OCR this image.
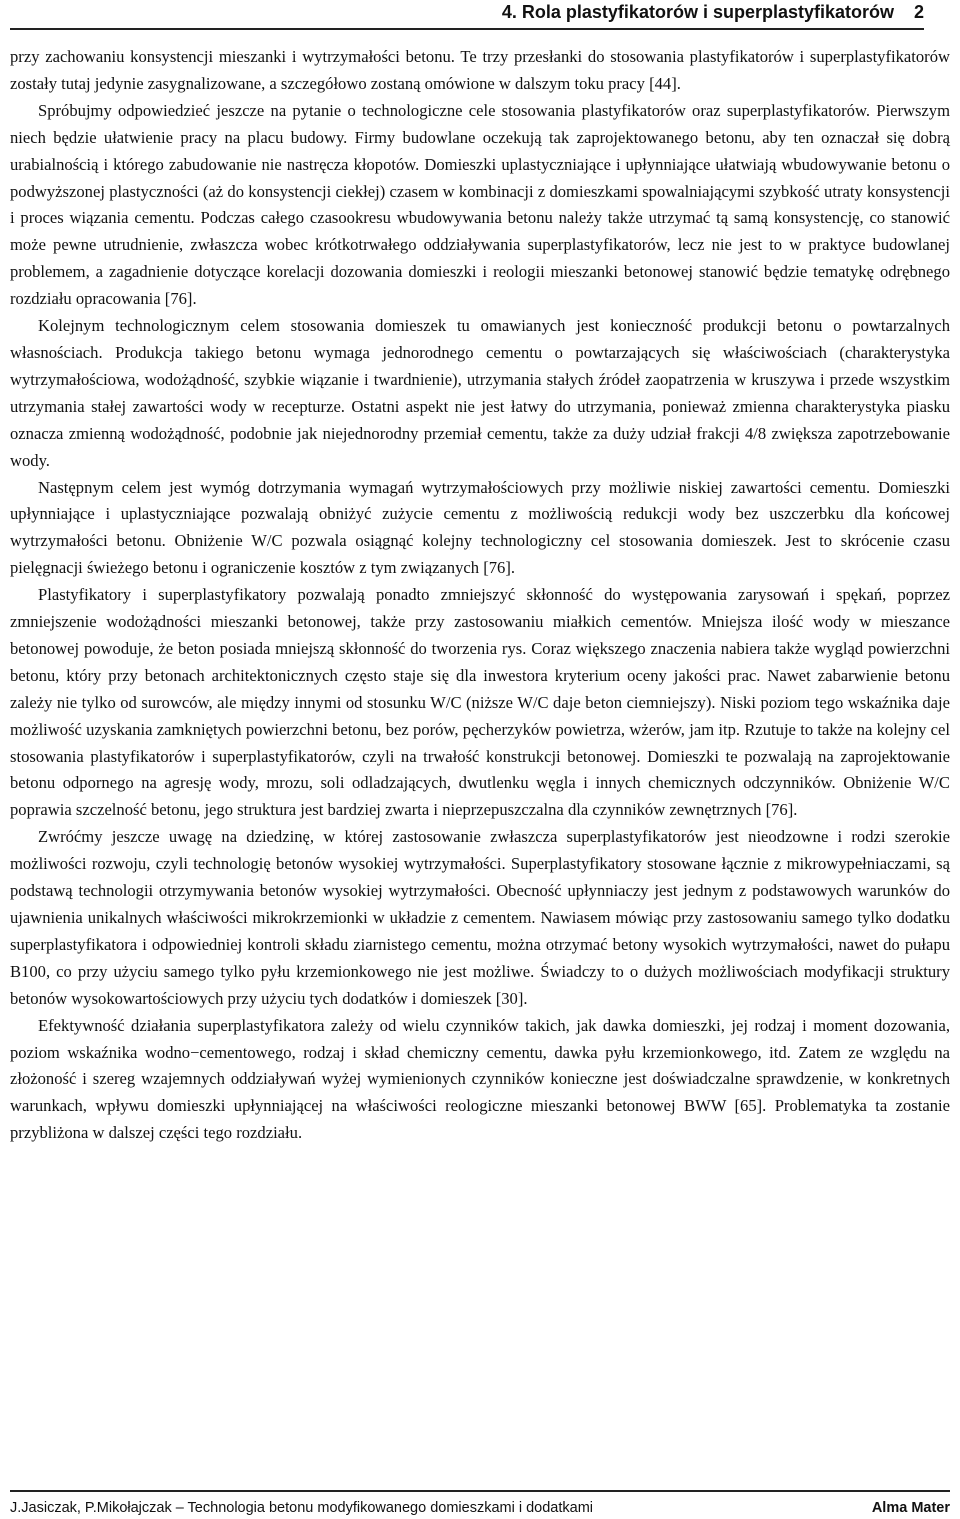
4. Rola plastyfikatorów i superplastyfikatorów 2

przy zachowaniu konsystencji mieszanki i wytrzymałości betonu. Te trzy przesłanki do stosowania plastyfikatorów i superplastyfikatorów zostały tutaj jedynie zasygnalizowane, a szczegółowo zostaną omówione w dalszym toku pracy [44].

Spróbujmy odpowiedzieć jeszcze na pytanie o technologiczne cele stosowania plastyfikatorów oraz superplastyfikatorów. Pierwszym niech będzie ułatwienie pracy na placu budowy. Firmy budowlane oczekują tak zaprojektowanego betonu, aby ten oznaczał się dobrą urabialnością i którego zabudowanie nie nastręcza kłopotów. Domieszki uplastyczniające i upłynniające ułatwiają wbudowywanie betonu o podwyższonej plastyczności (aż do konsystencji ciekłej) czasem w kombinacji z domieszkami spowalniającymi szybkość utraty konsystencji i proces wiązania cementu. Podczas całego czasookresu wbudowywania betonu należy także utrzymać tą samą konsystencję, co stanowić może pewne utrudnienie, zwłaszcza wobec krótkotrwałego oddziaływania superplastyfikatorów, lecz nie jest to w praktyce budowlanej problemem, a zagadnienie dotyczące korelacji dozowania domieszki i reologii mieszanki betonowej stanowić będzie tematykę odrębnego rozdziału opracowania [76].

Kolejnym technologicznym celem stosowania domieszek tu omawianych jest konieczność produkcji betonu o powtarzalnych własnościach. Produkcja takiego betonu wymaga jednorodnego cementu o powtarzających się właściwościach (charakterystyka wytrzymałościowa, wodożądność, szybkie wiązanie i twardnienie), utrzymania stałych źródeł zaopatrzenia w kruszywa i przede wszystkim utrzymania stałej zawartości wody w recepturze. Ostatni aspekt nie jest łatwy do utrzymania, ponieważ zmienna charakterystyka piasku oznacza zmienną wodożądność, podobnie jak niejednorodny przemiał cementu, także za duży udział frakcji 4/8 zwiększa zapotrzebowanie wody.

Następnym celem jest wymóg dotrzymania wymagań wytrzymałościowych przy możliwie niskiej zawartości cementu. Domieszki upłynniające i uplastyczniające pozwalają obniżyć zużycie cementu z możliwością redukcji wody bez uszczerbku dla końcowej wytrzymałości betonu. Obniżenie W/C pozwala osiągnąć kolejny technologiczny cel stosowania domieszek. Jest to skrócenie czasu pielęgnacji świeżego betonu i ograniczenie kosztów z tym związanych [76].

Plastyfikatory i superplastyfikatory pozwalają ponadto zmniejszyć skłonność do występowania zarysowań i spękań, poprzez zmniejszenie wodożądności mieszanki betonowej, także przy zastosowaniu miałkich cementów. Mniejsza ilość wody w mieszance betonowej powoduje, że beton posiada mniejszą skłonność do tworzenia rys. Coraz większego znaczenia nabiera także wygląd powierzchni betonu, który przy betonach architektonicznych często staje się dla inwestora kryterium oceny jakości prac. Nawet zabarwienie betonu zależy nie tylko od surowców, ale między innymi od stosunku W/C (niższe W/C daje beton ciemniejszy). Niski poziom tego wskaźnika daje możliwość uzyskania zamkniętych powierzchni betonu, bez porów, pęcherzyków powietrza, wżerów, jam itp. Rzutuje to także na kolejny cel stosowania plastyfikatorów i superplastyfikatorów, czyli na trwałość konstrukcji betonowej. Domieszki te pozwalają na zaprojektowanie betonu odpornego na agresję wody, mrozu, soli odladzających, dwutlenku węgla i innych chemicznych odczynników. Obniżenie W/C poprawia szczelność betonu, jego struktura jest bardziej zwarta i nieprzepuszczalna dla czynników zewnętrznych [76].

Zwróćmy jeszcze uwagę na dziedzinę, w której zastosowanie zwłaszcza superplastyfikatorów jest nieodzowne i rodzi szerokie możliwości rozwoju, czyli technologię betonów wysokiej wytrzymałości. Superplastyfikatory stosowane łącznie z mikrowypełniaczami, są podstawą technologii otrzymywania betonów wysokiej wytrzymałości. Obecność upłynniaczy jest jednym z podstawowych warunków do ujawnienia unikalnych właściwości mikrokrzemionki w układzie z cementem. Nawiasem mówiąc przy zastosowaniu samego tylko dodatku superplastyfikatora i odpowiedniej kontroli składu ziarnistego cementu, można otrzymać betony wysokich wytrzymałości, nawet do pułapu B100, co przy użyciu samego tylko pyłu krzemionkowego nie jest możliwe. Świadczy to o dużych możliwościach modyfikacji struktury betonów wysokowartościowych przy użyciu tych dodatków i domieszek [30].

Efektywność działania superplastyfikatora zależy od wielu czynników takich, jak dawka domieszki, jej rodzaj i moment dozowania, poziom wskaźnika wodno−cementowego, rodzaj i skład chemiczny cementu, dawka pyłu krzemionkowego, itd. Zatem ze względu na złożoność i szereg wzajemnych oddziaływań wyżej wymienionych czynników konieczne jest doświadczalne sprawdzenie, w konkretnych warunkach, wpływu domieszki upłynniającej na właściwości reologiczne mieszanki betonowej BWW [65]. Problematyka ta zostanie przybliżona w dalszej części tego rozdziału.

J.Jasiczak, P.Mikołajczak – Technologia betonu modyfikowanego domieszkami i dodatkami	Alma Mater
